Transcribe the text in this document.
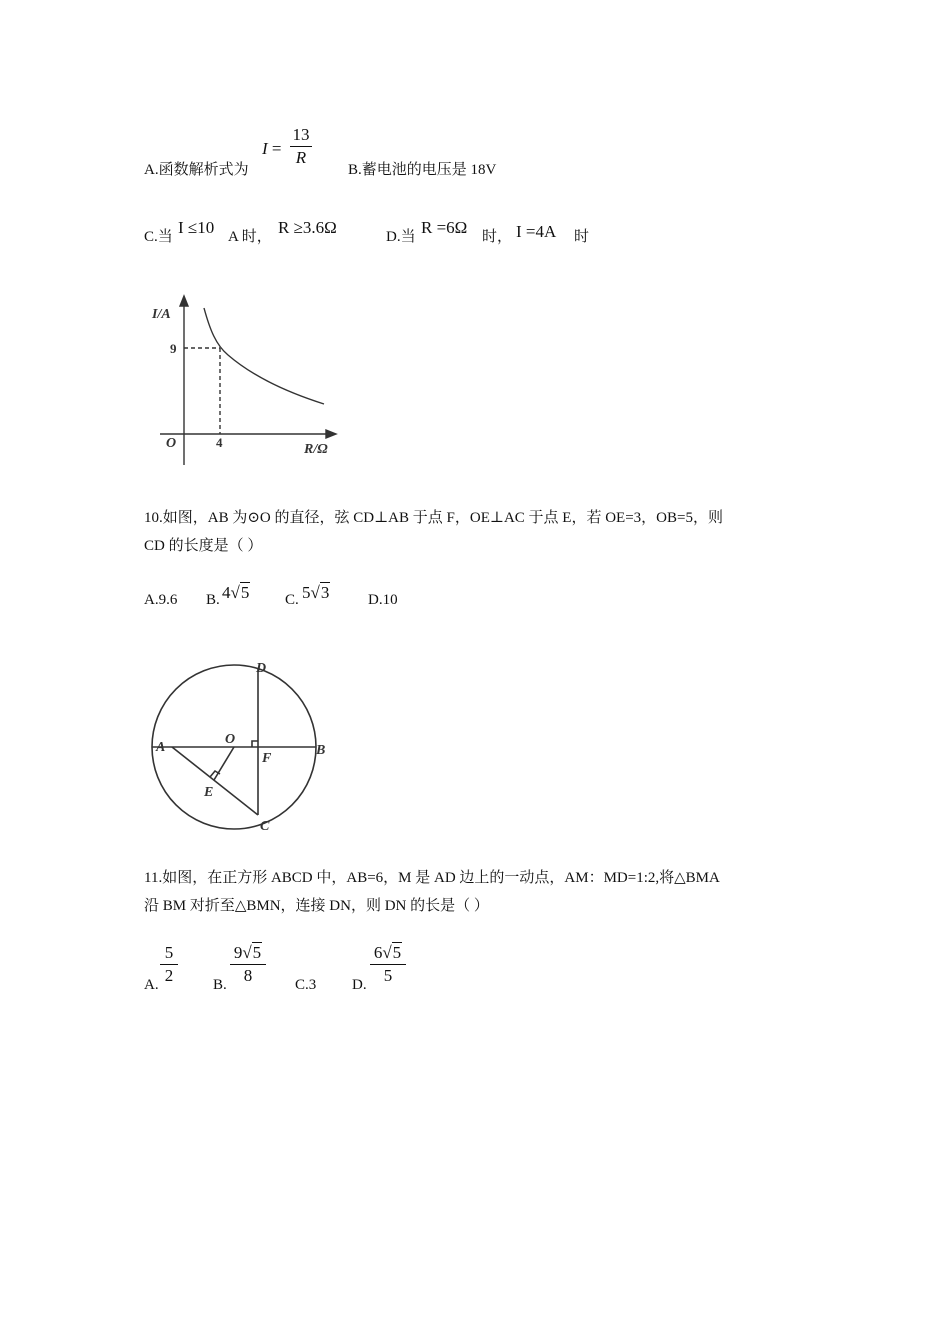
A.函数解析式为
I =
13
R
B.蓄电池的电压是 18V
C.当 I ≤10 A 时， R ≥3.6Ω	D.当 R =6Ω 时， I =4A 时
I/A
R/Ω
O	4
9
10.如图，AB 为⊙O 的直径，弦 CD⊥AB 于点 F，OE⊥AC 于点 E，若 OE=3，OB=5，则
CD 的长度是（ ）
A.9.6 B. 4√5 C. 5√3	D.10
A	B
C
D
O
E
F
11.如图，在正方形 ABCD 中，AB=6，M 是 AD 边上的一动点，AM：MD=1:2,将△BMA
沿 BM 对折至△BMN，连接 DN，则 DN 的长是（ ）
A.
5
2	B.
9√5
8	C.3 D.
6√5
5
